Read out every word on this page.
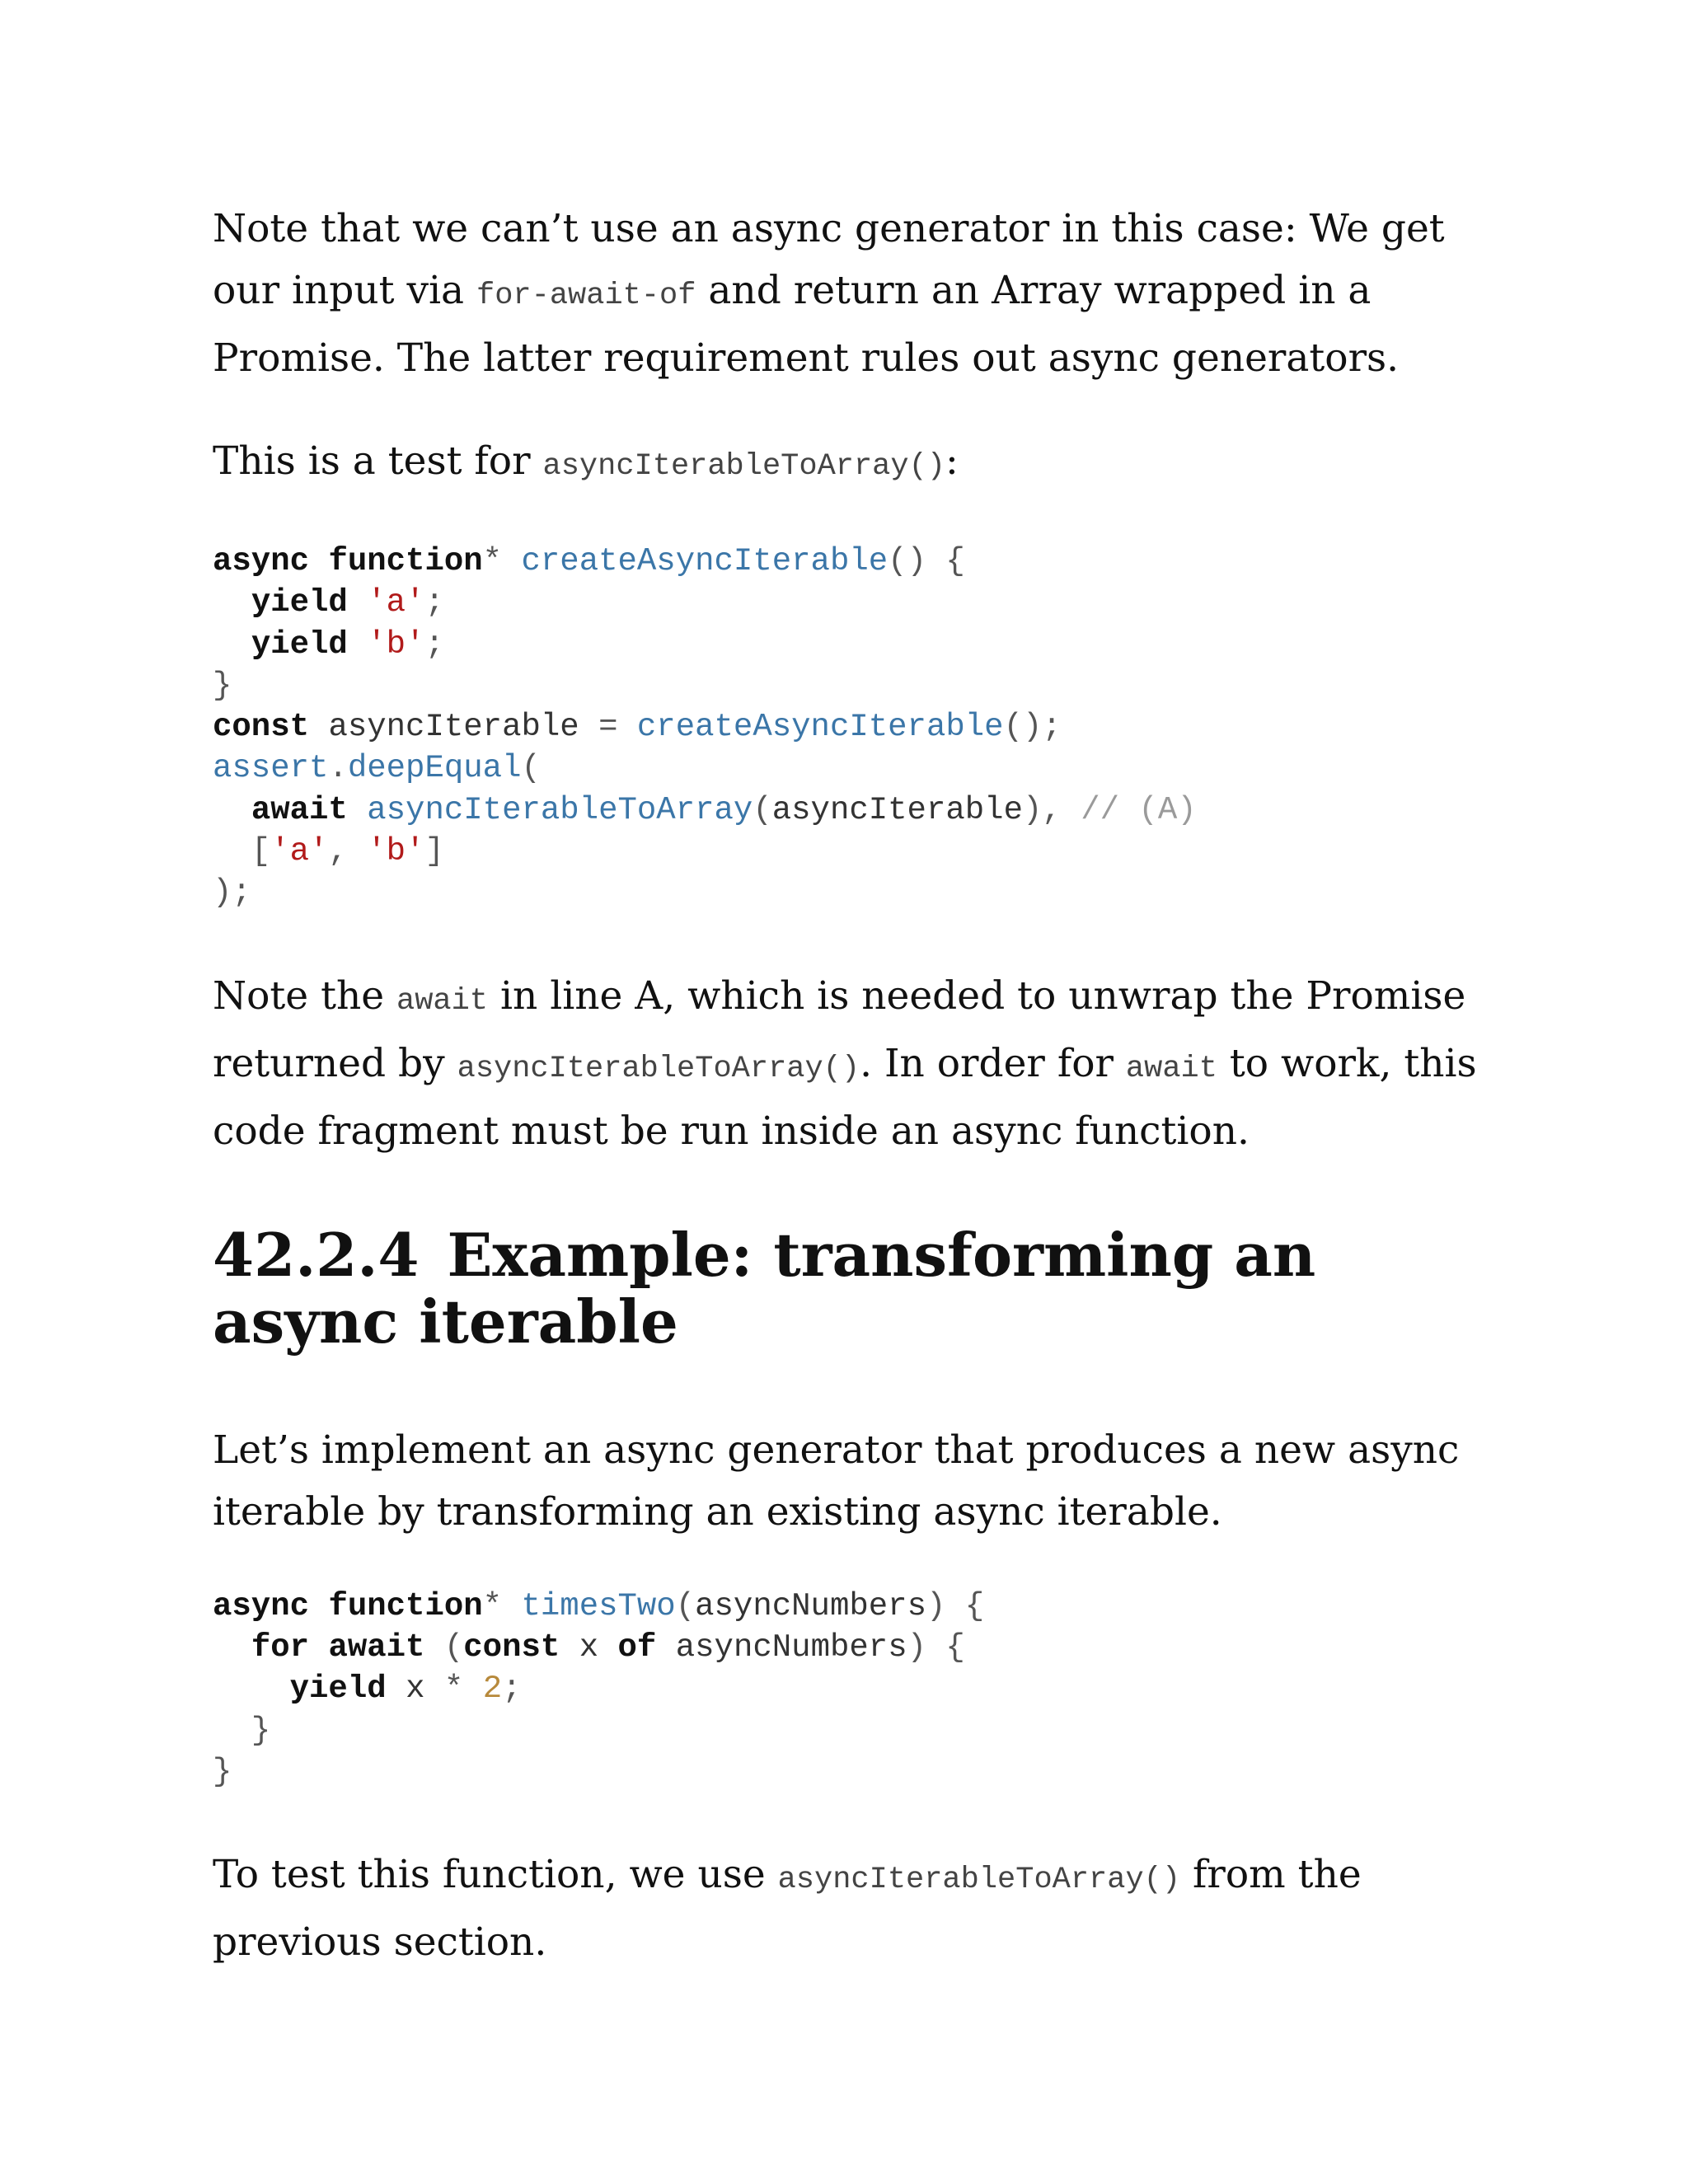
Note that we can’t use an async generator in this case: We get our input via for-await-of and return an Array wrapped in a Promise. The latter requirement rules out async generators.

This is a test for asyncIterableToArray():

async function* createAsyncIterable() {
yield 'a';
yield 'b';
}
const asyncIterable = createAsyncIterable();
assert.deepEqual(
await asyncIterableToArray(asyncIterable), // (A)
['a', 'b']
);

Note the await in line A, which is needed to unwrap the Promise returned by asyncIterableToArray(). In order for await to work, this code fragment must be run inside an async function.

42.2.4 Example: transforming an async iterable

Let’s implement an async generator that produces a new async iterable by transforming an existing async iterable.

async function* timesTwo(asyncNumbers) {
for await (const x of asyncNumbers) {
yield x * 2;
}
}

To test this function, we use asyncIterableToArray() from the previous section.
